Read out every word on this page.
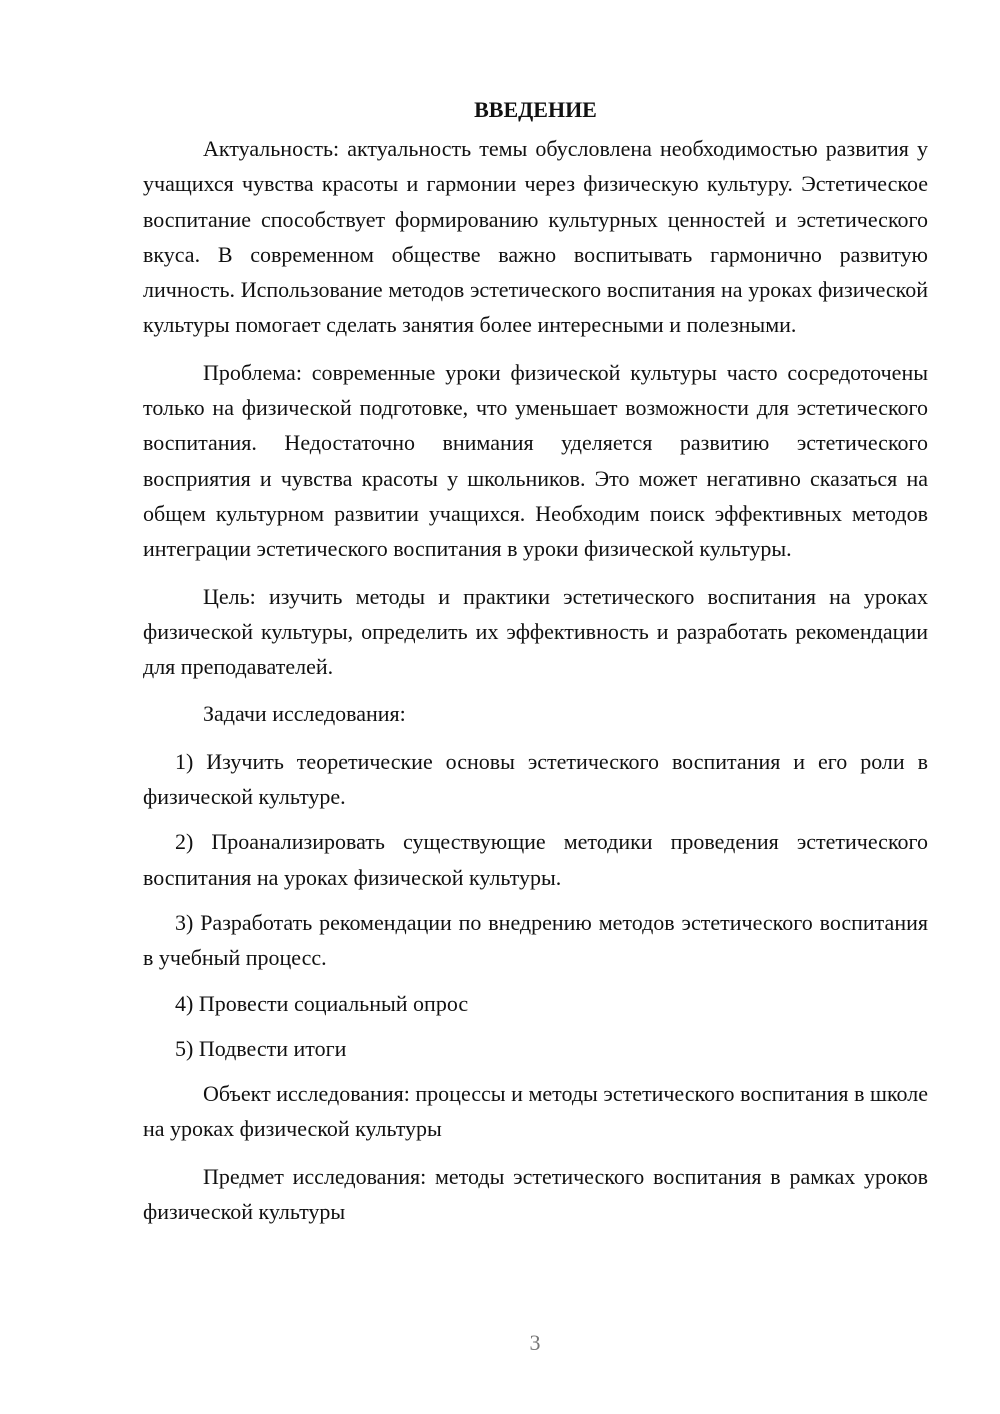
ВВЕДЕНИЕ

Актуальность: актуальность темы обусловлена необходимостью развития у учащихся чувства красоты и гармонии через физическую культуру. Эстетическое воспитание способствует формированию культурных ценностей и эстетического вкуса. В современном обществе важно воспитывать гармонично развитую личность. Использование методов эстетического воспитания на уроках физической культуры помогает сделать занятия более интересными и полезными.

Проблема: современные уроки физической культуры часто сосредоточены только на физической подготовке, что уменьшает возможности для эстетического воспитания. Недостаточно внимания уделяется развитию эстетического восприятия и чувства красоты у школьников. Это может негативно сказаться на общем культурном развитии учащихся. Необходим поиск эффективных методов интеграции эстетического воспитания в уроки физической культуры.

Цель: изучить методы и практики эстетического воспитания на уроках физической культуры, определить их эффективность и разработать рекомендации для преподавателей.

Задачи исследования:

1) Изучить теоретические основы эстетического воспитания и его роли в физической культуре.

2) Проанализировать существующие методики проведения эстетического воспитания на уроках физической культуры.

3) Разработать рекомендации по внедрению методов эстетического воспитания в учебный процесс.

4) Провести социальный опрос

5) Подвести итоги

Объект исследования: процессы и методы эстетического воспитания в школе на уроках физической культуры

Предмет исследования: методы эстетического воспитания в рамках уроков физической культуры

3
